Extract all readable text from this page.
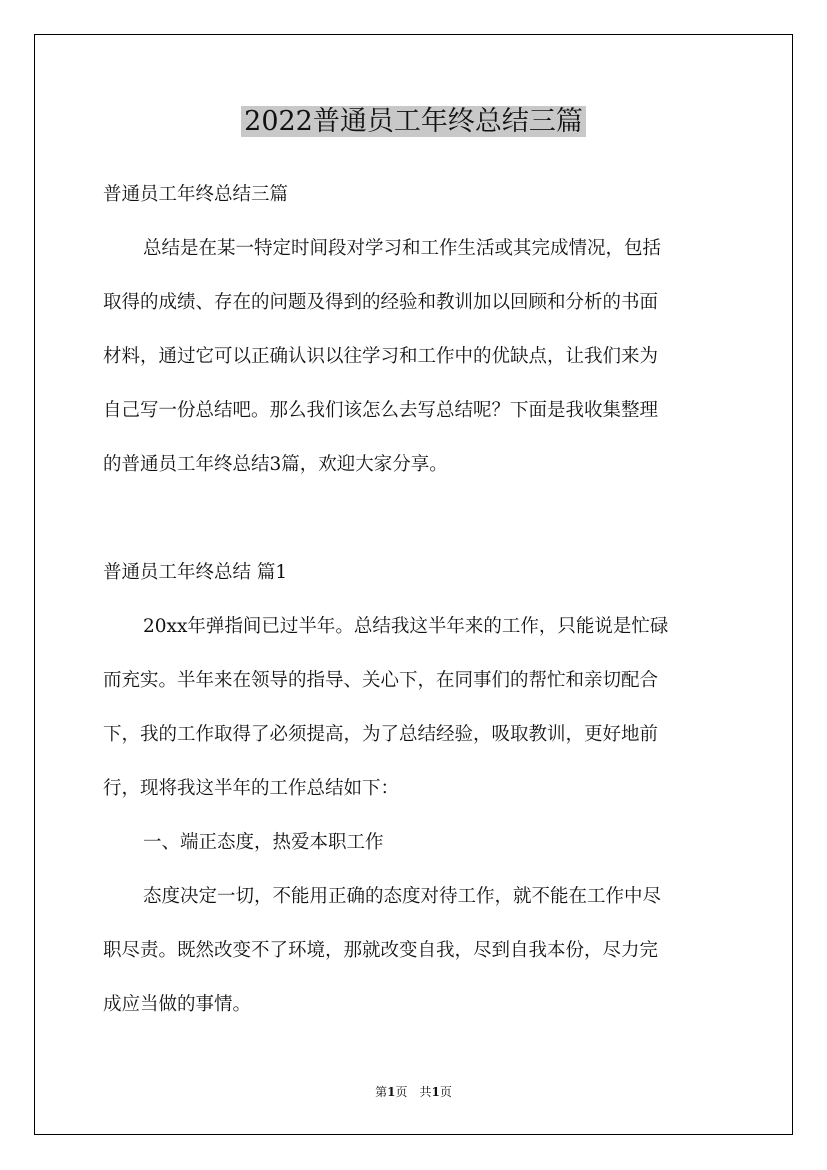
2022普通员工年终总结三篇

普通员工年终总结三篇

总结是在某一特定时间段对学习和工作生活或其完成情况，包括

取得的成绩、存在的问题及得到的经验和教训加以回顾和分析的书面

材料，通过它可以正确认识以往学习和工作中的优缺点，让我们来为

自己写一份总结吧。那么我们该怎么去写总结呢？下面是我收集整理

的普通员工年终总结3篇，欢迎大家分享。

普通员工年终总结 篇1

20xx年弹指间已过半年。总结我这半年来的工作，只能说是忙碌

而充实。半年来在领导的指导、关心下，在同事们的帮忙和亲切配合

下，我的工作取得了必须提高，为了总结经验，吸取教训，更好地前

行，现将我这半年的工作总结如下：

一、端正态度，热爱本职工作

态度决定一切，不能用正确的态度对待工作，就不能在工作中尽

职尽责。既然改变不了环境，那就改变自我，尽到自我本份，尽力完

成应当做的事情。

第1页 共1页
